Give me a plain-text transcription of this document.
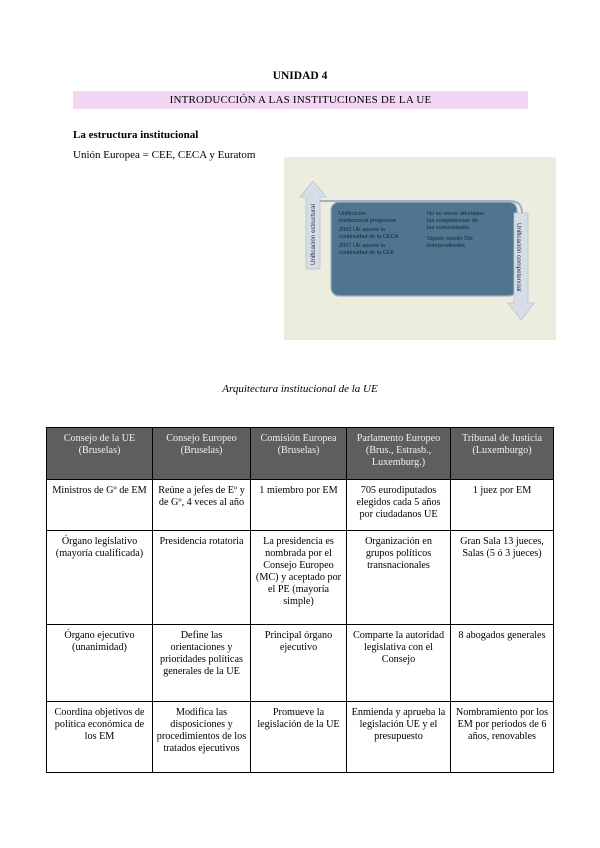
UNIDAD 4
INTRODUCCIÓN A LAS INSTITUCIONES DE LA UE
La estructura institucional
Unión Europea = CEE, CECA y Euratom
Unificación estructural	Unificación competencial
Unificación
institucional progresiva
2002 UE asume la
continuidad de la CECA
2007 UE asume la
continuidad de la CEE
No se vieron afectadas
las competencias de
las comunidades
Siguen siendo OIs
independientes
Arquitectura institucional de la UE
Consejo de la UE (Bruselas)	Consejo Europeo (Bruselas)	Comisión Europea (Bruselas)	Parlamento Europeo (Brus., Estrasb., Luxemburg.)	Tribunal de Justicia (Luxemburgo)
Ministros de Gº de EM	Reúne a jefes de Eº y de Gº, 4 veces al año	1 miembro por EM	705 eurodiputados elegidos cada 5 años por ciudadanos UE	1 juez por EM
Órgano legislativo (mayoría cualificada)	Presidencia rotatoria	La presidencia es nombrada por el Consejo Europeo (MC) y aceptado por el PE (mayoría simple)	Organización en grupos políticos transnacionales	Gran Sala 13 jueces, Salas (5 ó 3 jueces)
Órgano ejecutivo (unanimidad)	Define las orientaciones y prioridades políticas generales de la UE	Principal órgano ejecutivo	Comparte la autoridad legislativa con el Consejo	8 abogados generales
Coordina objetivos de política económica de los EM	Modifica las disposiciones y procedimientos de los tratados ejecutivos	Promueve la legislación de la UE	Enmienda y aprueba la legislación UE y el presupuesto	Nombramiento por los EM por periodos de 6 años, renovables
